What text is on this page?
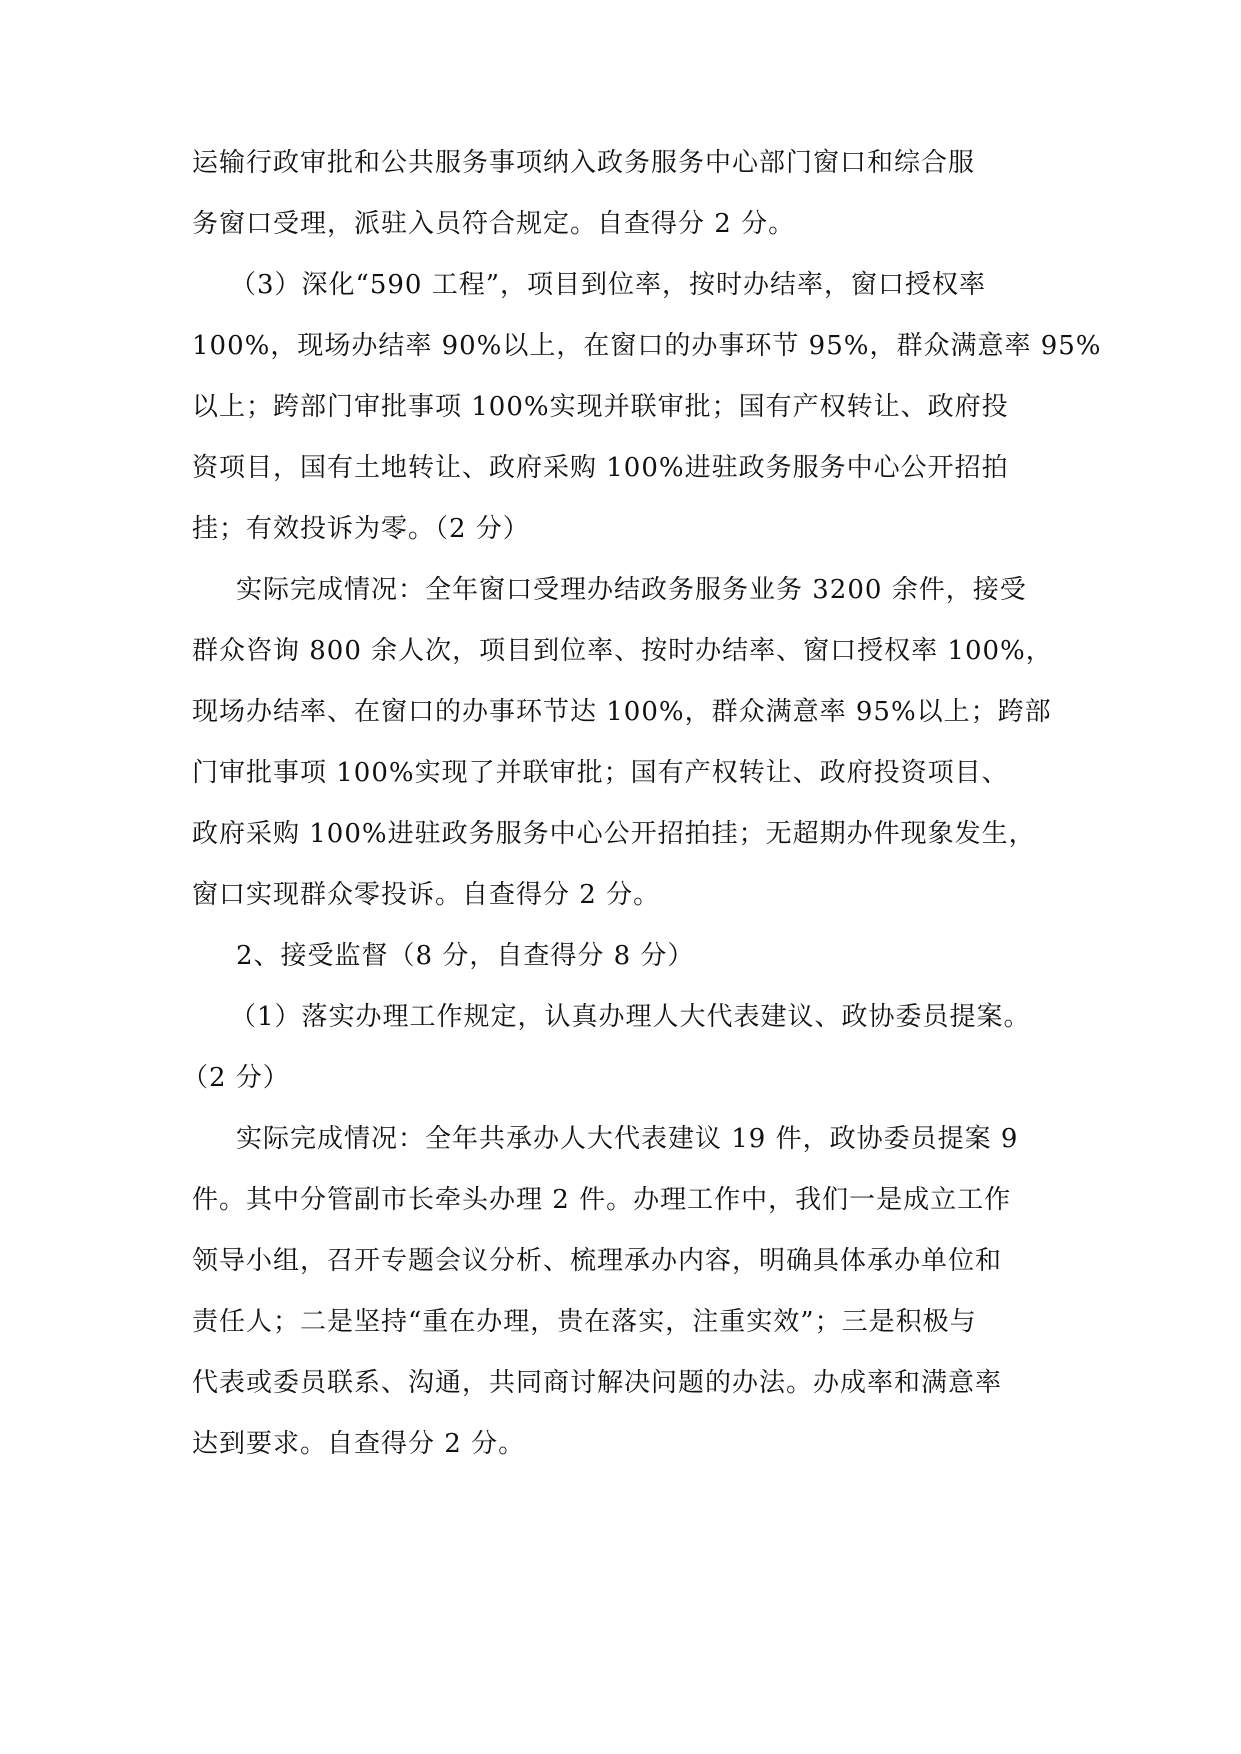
运输行政审批和公共服务事项纳入政务服务中心部门窗口和综合服
务窗口受理，派驻入员符合规定。自查得分 2 分。
（3）深化“590 工程”，项目到位率，按时办结率，窗口授权率
100%，现场办结率 90%以上，在窗口的办事环节 95%，群众满意率 95%
以上；跨部门审批事项 100%实现并联审批；国有产权转让、政府投
资项目，国有土地转让、政府采购 100%进驻政务服务中心公开招拍
挂；有效投诉为零。（2 分）
实际完成情况：全年窗口受理办结政务服务业务 3200 余件，接受
群众咨询 800 余人次，项目到位率、按时办结率、窗口授权率 100%，
现场办结率、在窗口的办事环节达 100%，群众满意率 95%以上；跨部
门审批事项 100%实现了并联审批；国有产权转让、政府投资项目、
政府采购 100%进驻政务服务中心公开招拍挂；无超期办件现象发生，
窗口实现群众零投诉。自查得分 2 分。
2、接受监督（8 分，自查得分 8 分）
（1）落实办理工作规定，认真办理人大代表建议、政协委员提案。
（2 分）
实际完成情况：全年共承办人大代表建议 19 件，政协委员提案 9
件。其中分管副市长牵头办理 2 件。办理工作中，我们一是成立工作
领导小组，召开专题会议分析、梳理承办内容，明确具体承办单位和
责任人；二是坚持“重在办理，贵在落实，注重实效”；三是积极与
代表或委员联系、沟通，共同商讨解决问题的办法。办成率和满意率
达到要求。自查得分 2 分。
